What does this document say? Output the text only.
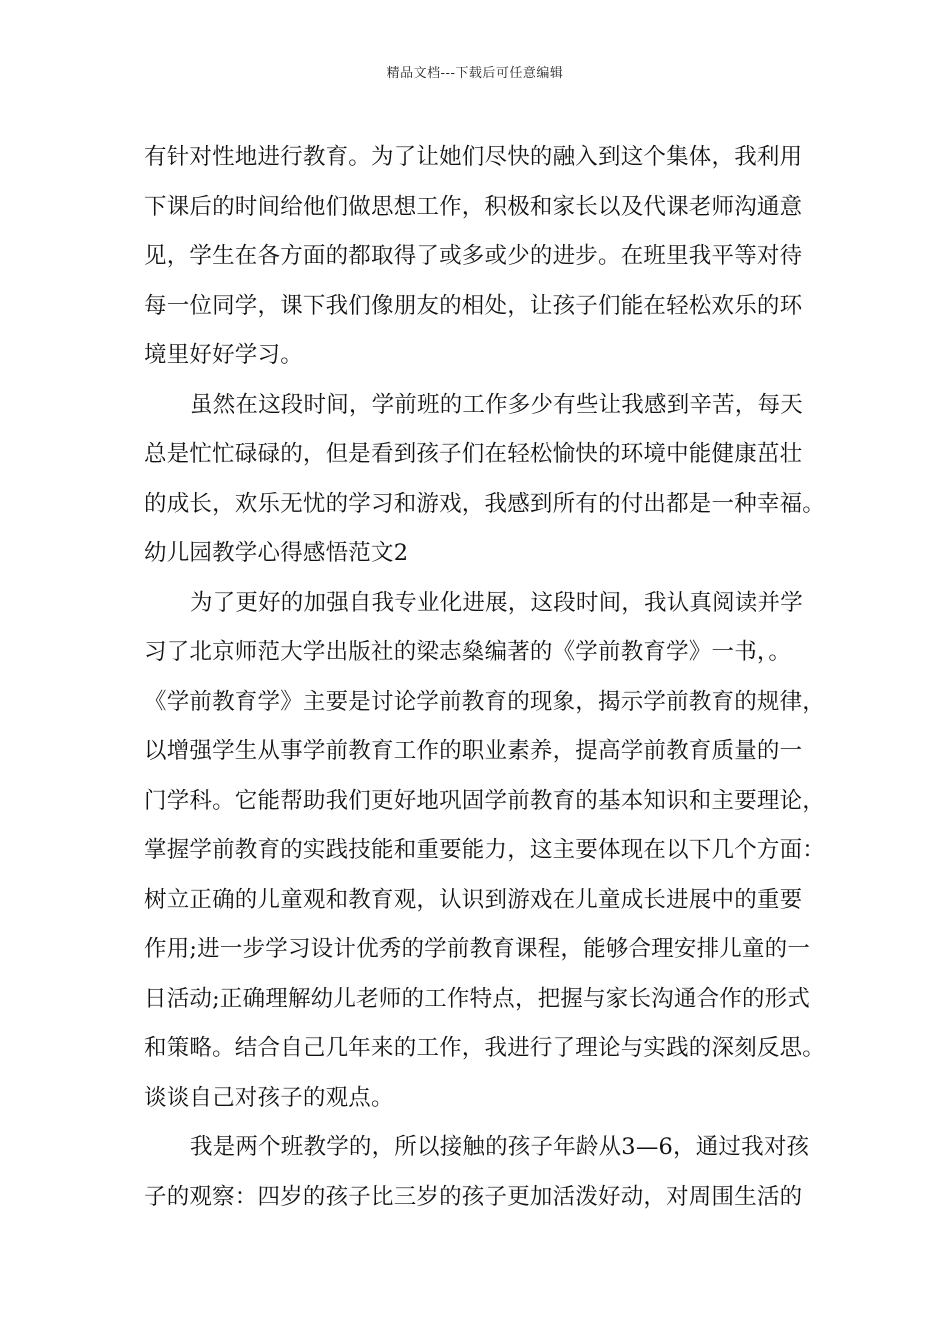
精品文档---下载后可任意编辑
有针对性地进行教育。为了让她们尽快的融入到这个集体，我利用
下课后的时间给他们做思想工作，积极和家长以及代课老师沟通意
见，学生在各方面的都取得了或多或少的进步。在班里我平等对待
每一位同学，课下我们像朋友的相处，让孩子们能在轻松欢乐的环
境里好好学习。
虽然在这段时间，学前班的工作多少有些让我感到辛苦，每天
总是忙忙碌碌的，但是看到孩子们在轻松愉快的环境中能健康茁壮
的成长，欢乐无忧的学习和游戏，我感到所有的付出都是一种幸福。
幼儿园教学心得感悟范文2
为了更好的加强自我专业化进展，这段时间，我认真阅读并学
习了北京师范大学出版社的梁志燊编著的《学前教育学》一书，。
《学前教育学》主要是讨论学前教育的现象，揭示学前教育的规律，
以增强学生从事学前教育工作的职业素养，提高学前教育质量的一
门学科。它能帮助我们更好地巩固学前教育的基本知识和主要理论，
掌握学前教育的实践技能和重要能力，这主要体现在以下几个方面：
树立正确的儿童观和教育观，认识到游戏在儿童成长进展中的重要
作用;进一步学习设计优秀的学前教育课程，能够合理安排儿童的一
日活动;正确理解幼儿老师的工作特点，把握与家长沟通合作的形式
和策略。结合自己几年来的工作，我进行了理论与实践的深刻反思。
谈谈自己对孩子的观点。
我是两个班教学的，所以接触的孩子年龄从3—6，通过我对孩
子的观察：四岁的孩子比三岁的孩子更加活泼好动，对周围生活的
